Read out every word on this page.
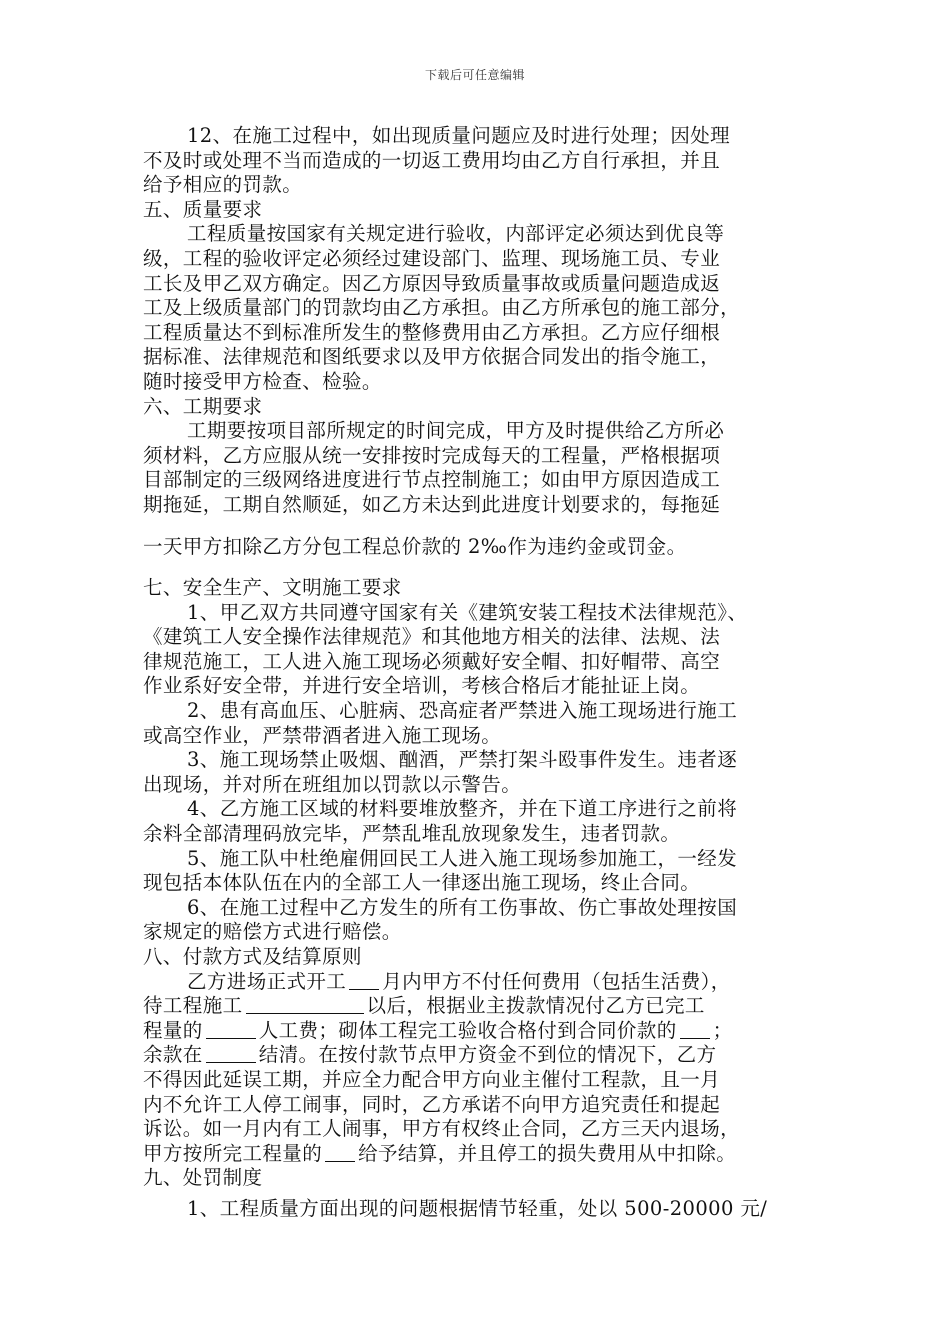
下载后可任意编辑
12、在施工过程中，如出现质量问题应及时进行处理；因处理
不及时或处理不当而造成的一切返工费用均由乙方自行承担，并且
给予相应的罚款。
五、质量要求
工程质量按国家有关规定进行验收，内部评定必须达到优良等
级，工程的验收评定必须经过建设部门、监理、现场施工员、专业
工长及甲乙双方确定。因乙方原因导致质量事故或质量问题造成返
工及上级质量部门的罚款均由乙方承担。由乙方所承包的施工部分，
工程质量达不到标准所发生的整修费用由乙方承担。乙方应仔细根
据标准、法律规范和图纸要求以及甲方依据合同发出的指令施工，
随时接受甲方检查、检验。
六、工期要求
工期要按项目部所规定的时间完成，甲方及时提供给乙方所必
须材料，乙方应服从统一安排按时完成每天的工程量，严格根据项
目部制定的三级网络进度进行节点控制施工；如由甲方原因造成工
期拖延，工期自然顺延，如乙方未达到此进度计划要求的，每拖延
一天甲方扣除乙方分包工程总价款的 2‰作为违约金或罚金。
七、安全生产、文明施工要求
1、甲乙双方共同遵守国家有关《建筑安装工程技术法律规范》、
《建筑工人安全操作法律规范》和其他地方相关的法律、法规、法
律规范施工，工人进入施工现场必须戴好安全帽、扣好帽带、高空
作业系好安全带，并进行安全培训，考核合格后才能扯证上岗。
2、患有高血压、心脏病、恐高症者严禁进入施工现场进行施工
或高空作业，严禁带酒者进入施工现场。
3、施工现场禁止吸烟、酗酒，严禁打架斗殴事件发生。违者逐
出现场，并对所在班组加以罚款以示警告。
4、乙方施工区域的材料要堆放整齐，并在下道工序进行之前将
余料全部清理码放完毕，严禁乱堆乱放现象发生，违者罚款。
5、施工队中杜绝雇佣回民工人进入施工现场参加施工，一经发
现包括本体队伍在内的全部工人一律逐出施工现场，终止合同。
6、在施工过程中乙方发生的所有工伤事故、伤亡事故处理按国
家规定的赔偿方式进行赔偿。
八、付款方式及结算原则
乙方进场正式开工 月内甲方不付任何费用（包括生活费），
待工程施工	以后，根据业主拨款情况付乙方已完工
程量的	人工费；砌体工程完工验收合格付到合同价款的 ；
余款在	结清。在按付款节点甲方资金不到位的情况下，乙方
不得因此延误工期，并应全力配合甲方向业主催付工程款，且一月
内不允许工人停工闹事，同时，乙方承诺不向甲方追究责任和提起
诉讼。如一月内有工人闹事，甲方有权终止合同，乙方三天内退场，
甲方按所完工程量的 给予结算，并且停工的损失费用从中扣除。
九、处罚制度
1、工程质量方面出现的问题根据情节轻重，处以 500-20000 元/
